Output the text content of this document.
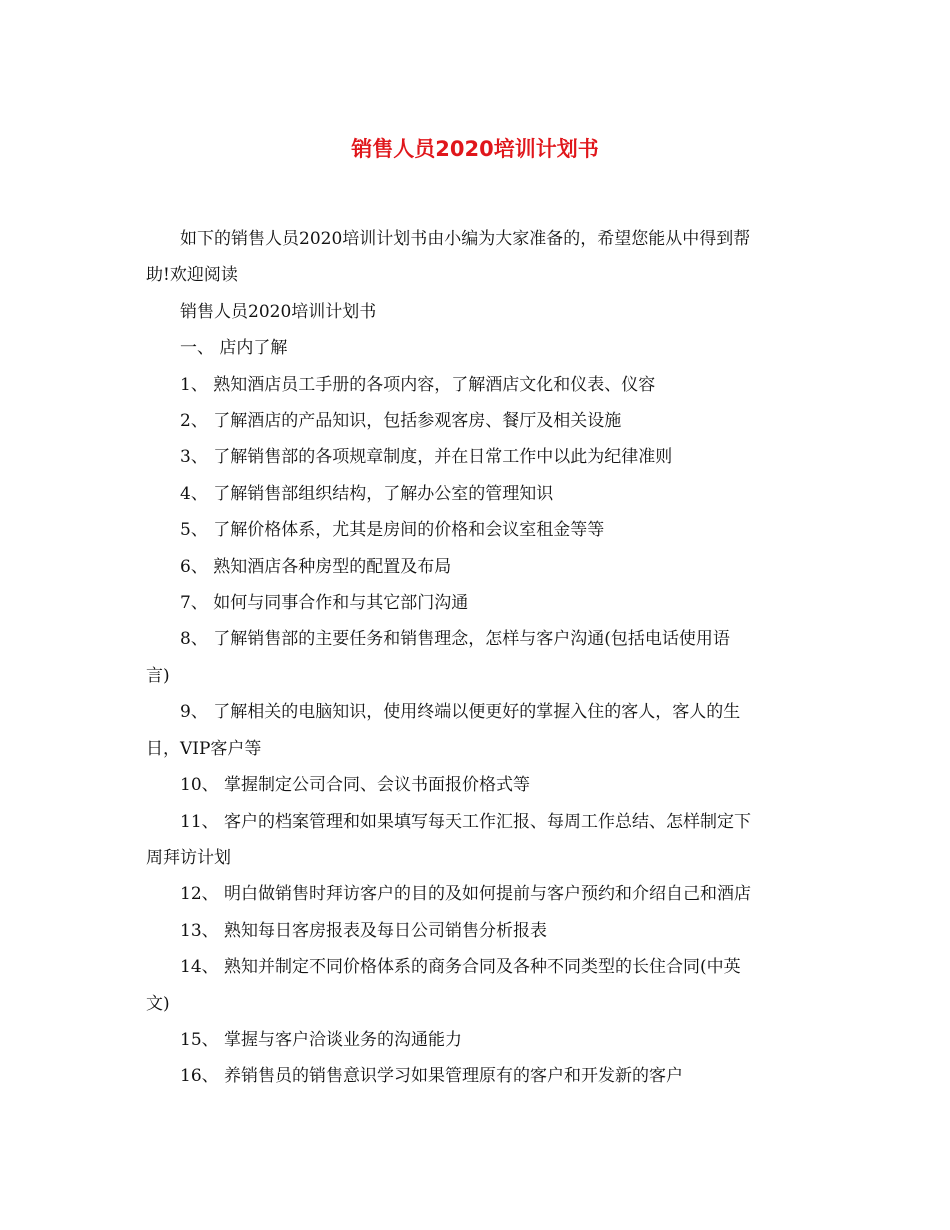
销售人员2020培训计划书
如下的销售人员2020培训计划书由小编为大家准备的，希望您能从中得到帮
助!欢迎阅读
销售人员2020培训计划书
一、 店内了解
1、 熟知酒店员工手册的各项内容，了解酒店文化和仪表、仪容
2、 了解酒店的产品知识，包括参观客房、餐厅及相关设施
3、 了解销售部的各项规章制度，并在日常工作中以此为纪律准则
4、 了解销售部组织结构，了解办公室的管理知识
5、 了解价格体系，尤其是房间的价格和会议室租金等等
6、 熟知酒店各种房型的配置及布局
7、 如何与同事合作和与其它部门沟通
8、 了解销售部的主要任务和销售理念，怎样与客户沟通(包括电话使用语
言)
9、 了解相关的电脑知识，使用终端以便更好的掌握入住的客人，客人的生
日，VIP客户等
10、 掌握制定公司合同、会议书面报价格式等
11、 客户的档案管理和如果填写每天工作汇报、每周工作总结、怎样制定下
周拜访计划
12、 明白做销售时拜访客户的目的及如何提前与客户预约和介绍自己和酒店
13、 熟知每日客房报表及每日公司销售分析报表
14、 熟知并制定不同价格体系的商务合同及各种不同类型的长住合同(中英
文)
15、 掌握与客户洽谈业务的沟通能力
16、 养销售员的销售意识学习如果管理原有的客户和开发新的客户
